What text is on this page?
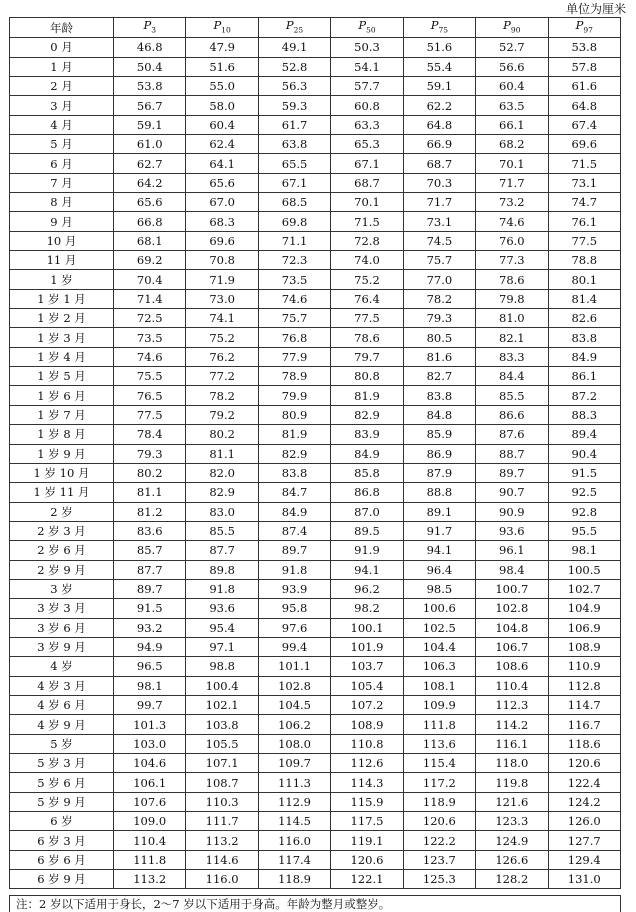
单位为厘米
年龄	$P_3$	$P_{10}$	$P_{25}$	$P_{50}$	$P_{75}$	$P_{90}$	$P_{97}$
0 月	46.8	47.9	49.1	50.3	51.6	52.7	53.8
1 月	50.4	51.6	52.8	54.1	55.4	56.6	57.8
2 月	53.8	55.0	56.3	57.7	59.1	60.4	61.6
3 月	56.7	58.0	59.3	60.8	62.2	63.5	64.8
4 月	59.1	60.4	61.7	63.3	64.8	66.1	67.4
5 月	61.0	62.4	63.8	65.3	66.9	68.2	69.6
6 月	62.7	64.1	65.5	67.1	68.7	70.1	71.5
7 月	64.2	65.6	67.1	68.7	70.3	71.7	73.1
8 月	65.6	67.0	68.5	70.1	71.7	73.2	74.7
9 月	66.8	68.3	69.8	71.5	73.1	74.6	76.1
10 月	68.1	69.6	71.1	72.8	74.5	76.0	77.5
11 月	69.2	70.8	72.3	74.0	75.7	77.3	78.8
1 岁	70.4	71.9	73.5	75.2	77.0	78.6	80.1
1 岁 1 月	71.4	73.0	74.6	76.4	78.2	79.8	81.4
1 岁 2 月	72.5	74.1	75.7	77.5	79.3	81.0	82.6
1 岁 3 月	73.5	75.2	76.8	78.6	80.5	82.1	83.8
1 岁 4 月	74.6	76.2	77.9	79.7	81.6	83.3	84.9
1 岁 5 月	75.5	77.2	78.9	80.8	82.7	84.4	86.1
1 岁 6 月	76.5	78.2	79.9	81.9	83.8	85.5	87.2
1 岁 7 月	77.5	79.2	80.9	82.9	84.8	86.6	88.3
1 岁 8 月	78.4	80.2	81.9	83.9	85.9	87.6	89.4
1 岁 9 月	79.3	81.1	82.9	84.9	86.9	88.7	90.4
1 岁 10 月	80.2	82.0	83.8	85.8	87.9	89.7	91.5
1 岁 11 月	81.1	82.9	84.7	86.8	88.8	90.7	92.5
2 岁	81.2	83.0	84.9	87.0	89.1	90.9	92.8
2 岁 3 月	83.6	85.5	87.4	89.5	91.7	93.6	95.5
2 岁 6 月	85.7	87.7	89.7	91.9	94.1	96.1	98.1
2 岁 9 月	87.7	89.8	91.8	94.1	96.4	98.4	100.5
3 岁	89.7	91.8	93.9	96.2	98.5	100.7	102.7
3 岁 3 月	91.5	93.6	95.8	98.2	100.6	102.8	104.9
3 岁 6 月	93.2	95.4	97.6	100.1	102.5	104.8	106.9
3 岁 9 月	94.9	97.1	99.4	101.9	104.4	106.7	108.9
4 岁	96.5	98.8	101.1	103.7	106.3	108.6	110.9
4 岁 3 月	98.1	100.4	102.8	105.4	108.1	110.4	112.8
4 岁 6 月	99.7	102.1	104.5	107.2	109.9	112.3	114.7
4 岁 9 月	101.3	103.8	106.2	108.9	111.8	114.2	116.7
5 岁	103.0	105.5	108.0	110.8	113.6	116.1	118.6
5 岁 3 月	104.6	107.1	109.7	112.6	115.4	118.0	120.6
5 岁 6 月	106.1	108.7	111.3	114.3	117.2	119.8	122.4
5 岁 9 月	107.6	110.3	112.9	115.9	118.9	121.6	124.2
6 岁	109.0	111.7	114.5	117.5	120.6	123.3	126.0
6 岁 3 月	110.4	113.2	116.0	119.1	122.2	124.9	127.7
6 岁 6 月	111.8	114.6	117.4	120.6	123.7	126.6	129.4
6 岁 9 月	113.2	116.0	118.9	122.1	125.3	128.2	131.0
注：2 岁以下适用于身长，2～7 岁以下适用于身高。年龄为整月或整岁。
